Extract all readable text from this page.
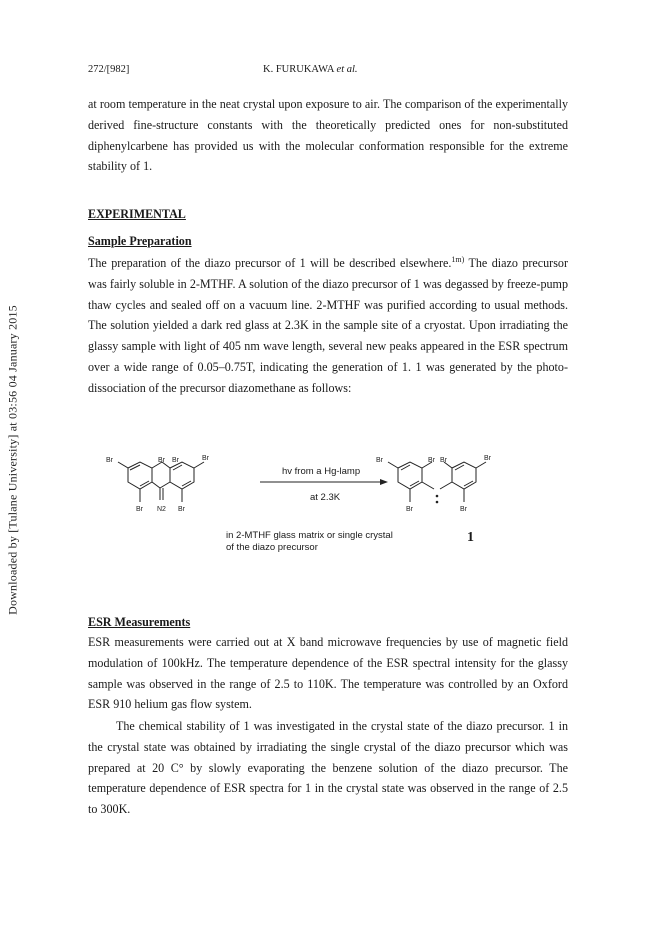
Downloaded by [Tulane University] at 03:56 04 January 2015
272/[982]	K. FURUKAWA et al.

at room temperature in the neat crystal upon exposure to air. The comparison of the experimentally derived fine-structure constants with the theoretically predicted ones for non-substituted diphenylcarbene has provided us with the molecular conformation responsible for the extreme stability of 1.

EXPERIMENTAL
Sample Preparation

The preparation of the diazo precursor of 1 will be described elsewhere.$^{1m)}$ The diazo precursor was fairly soluble in 2-MTHF. A solution of the diazo precursor of 1 was degassed by freeze-pump thaw cycles and sealed off on a vacuum line. 2-MTHF was purified according to usual methods. The solution yielded a dark red glass at 2.3K in the sample site of a cryostat. Upon irradiating the glassy sample with light of 405 nm wave length, several new peaks appeared in the ESR spectrum over a wide range of 0.05–0.75T, indicating the generation of 1. 1 was generated by the photo-dissociation of the precursor diazomethane as follows:

Br	Br Br	Br
Br N2 Br
Br	Br Br	Br
Br	Br
hv from a Hg-lamp
at 2.3K
in 2-MTHF glass matrix or single crystal
of the diazo precursor
1
ESR Measurements

ESR measurements were carried out at X band microwave frequencies by use of magnetic field modulation of 100kHz. The temperature dependence of the ESR spectral intensity for the glassy sample was observed in the range of 2.5 to 110K. The temperature was controlled by an Oxford ESR 910 helium gas flow system.

The chemical stability of 1 was investigated in the crystal state of the diazo precursor. 1 in the crystal state was obtained by irradiating the single crystal of the diazo precursor which was prepared at 20 C° by slowly evaporating the benzene solution of the diazo precursor. The temperature dependence of ESR spectra for 1 in the crystal state was observed in the range of 2.5 to 300K.
